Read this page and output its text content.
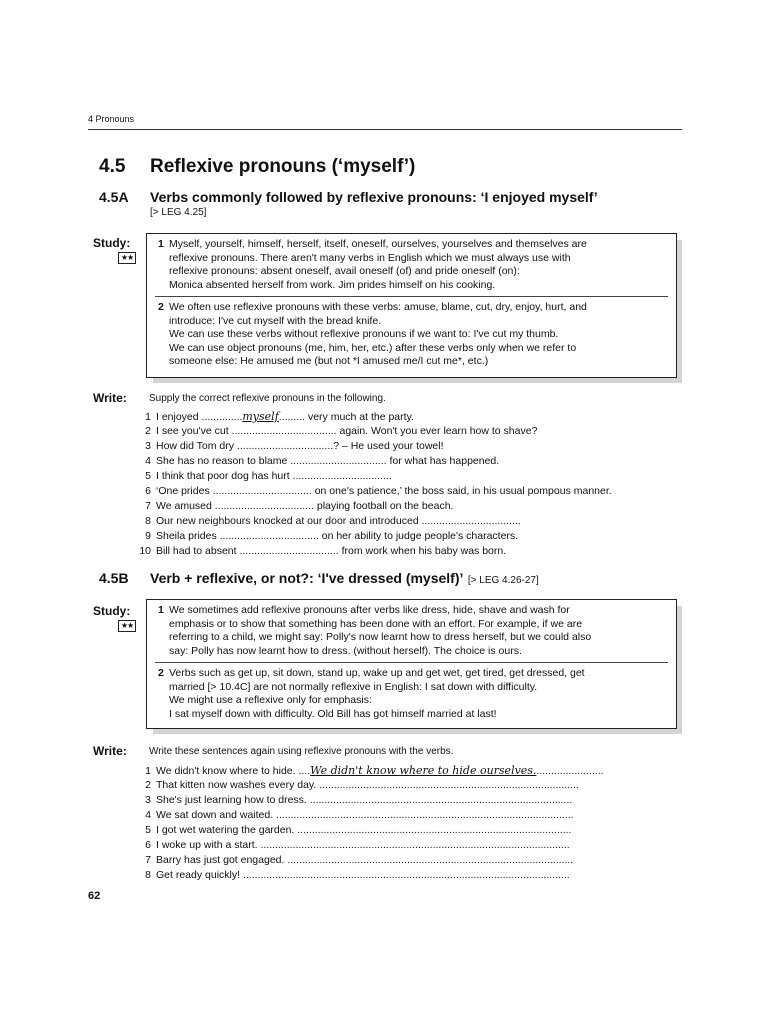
4 Pronouns
4.5 Reflexive pronouns (‘myself’)
4.5A Verbs commonly followed by reflexive pronouns: ‘I enjoyed myself’
[> LEG 4.25]
Study:
★★
1 Myself, yourself, himself, herself, itself, oneself, ourselves, yourselves and themselves are
reflexive pronouns. There aren't many verbs in English which we must always use with
reflexive pronouns: absent oneself, avail oneself (of) and pride oneself (on):
Monica absented herself from work. Jim prides himself on his cooking.
2 We often use reflexive pronouns with these verbs: amuse, blame, cut, dry, enjoy, hurt, and
introduce: I've cut myself with the bread knife.
We can use these verbs without reflexive pronouns if we want to: I've cut my thumb.
We can use object pronouns (me, him, her, etc.) after these verbs only when we refer to
someone else: He amused me (but not *I amused me/I cut me*, etc.)
Write: Supply the correct reflexive pronouns in the following.
1 I enjoyed ..............myself......... very much at the party.
2 I see you've cut .................................... again. Won't you ever learn how to shave?
3 How did Tom dry .................................? – He used your towel!
4 She has no reason to blame ................................. for what has happened.
5 I think that poor dog has hurt ..................................
6 ‘One prides .................................. on one's patience,’ the boss said, in his usual pompous manner.
7 We amused .................................. playing football on the beach.
8 Our new neighbours knocked at our door and introduced ..................................
9 Sheila prides .................................. on her ability to judge people's characters.
10 Bill had to absent .................................. from work when his baby was born.
4.5B Verb + reflexive, or not?: ‘I've dressed (myself)’ [> LEG 4.26-27]
Study:
★★
1 We sometimes add reflexive pronouns after verbs like dress, hide, shave and wash for
emphasis or to show that something has been done with an effort. For example, if we are
referring to a child, we might say: Polly's now learnt how to dress herself, but we could also
say: Polly has now learnt how to dress. (without herself). The choice is ours.
2 Verbs such as get up, sit down, stand up, wake up and get wet, get tired, get dressed, get
married [> 10.4C] are not normally reflexive in English: I sat down with difficulty.
We might use a reflexive only for emphasis:
I sat myself down with difficulty. Old Bill has got himself married at last!
Write: Write these sentences again using reflexive pronouns with the verbs.
1 We didn't know where to hide. ....We didn't know where to hide ourselves........................
2 That kitten now washes every day. .........................................................................................
3 She's just learning how to dress. ..........................................................................................
4 We sat down and waited. ......................................................................................................
5 I got wet watering the garden. ..............................................................................................
6 I woke up with a start. ..........................................................................................................
7 Barry has just got engaged. ..................................................................................................
8 Get ready quickly! ................................................................................................................
62
